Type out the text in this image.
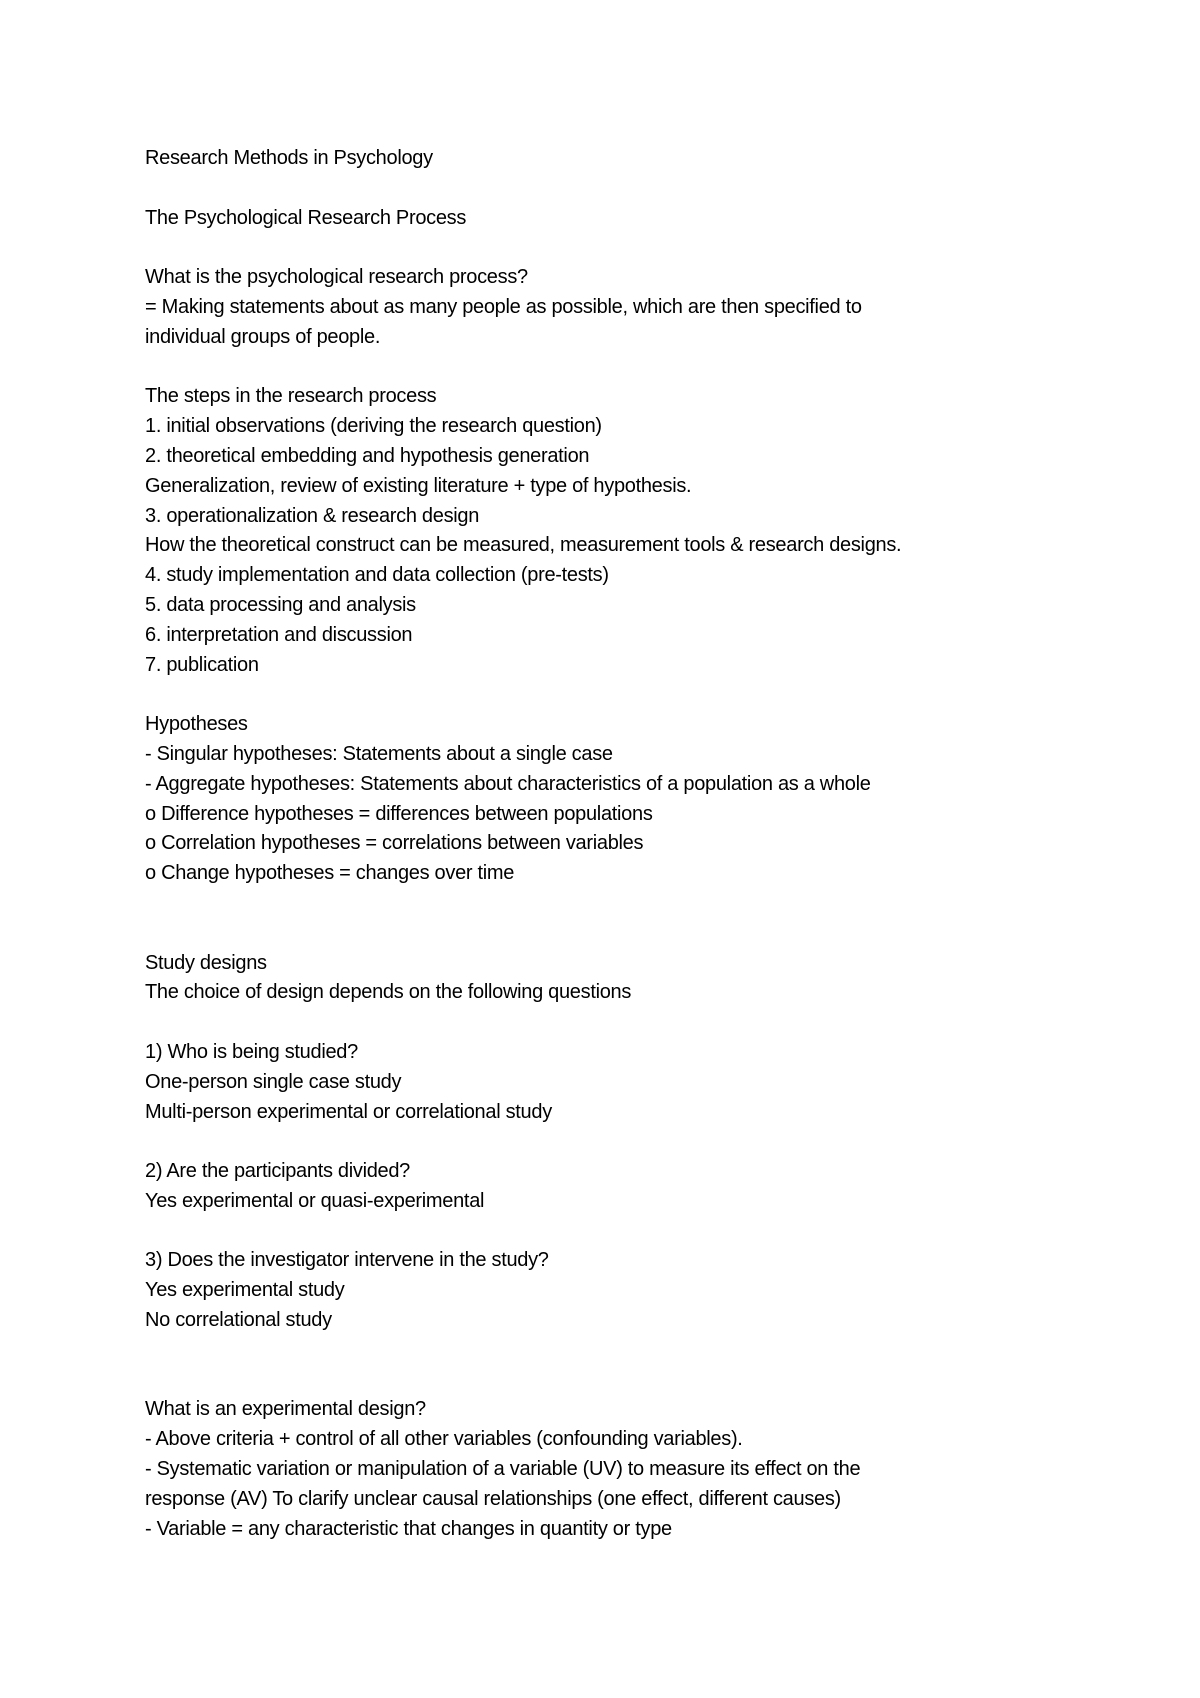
Research Methods in Psychology
The Psychological Research Process
What is the psychological research process?
= Making statements about as many people as possible, which are then specified to
individual groups of people.
The steps in the research process
1. initial observations (deriving the research question)
2. theoretical embedding and hypothesis generation
Generalization, review of existing literature + type of hypothesis.
3. operationalization & research design
How the theoretical construct can be measured, measurement tools & research designs.
4. study implementation and data collection (pre-tests)
5. data processing and analysis
6. interpretation and discussion
7. publication
Hypotheses
- Singular hypotheses: Statements about a single case
- Aggregate hypotheses: Statements about characteristics of a population as a whole
o Difference hypotheses = differences between populations
o Correlation hypotheses = correlations between variables
o Change hypotheses = changes over time
Study designs
The choice of design depends on the following questions
1) Who is being studied?
One-person single case study
Multi-person experimental or correlational study
2) Are the participants divided?
Yes experimental or quasi-experimental
3) Does the investigator intervene in the study?
Yes experimental study
No correlational study
What is an experimental design?
- Above criteria + control of all other variables (confounding variables).
- Systematic variation or manipulation of a variable (UV) to measure its effect on the
response (AV) To clarify unclear causal relationships (one effect, different causes)
- Variable = any characteristic that changes in quantity or type
